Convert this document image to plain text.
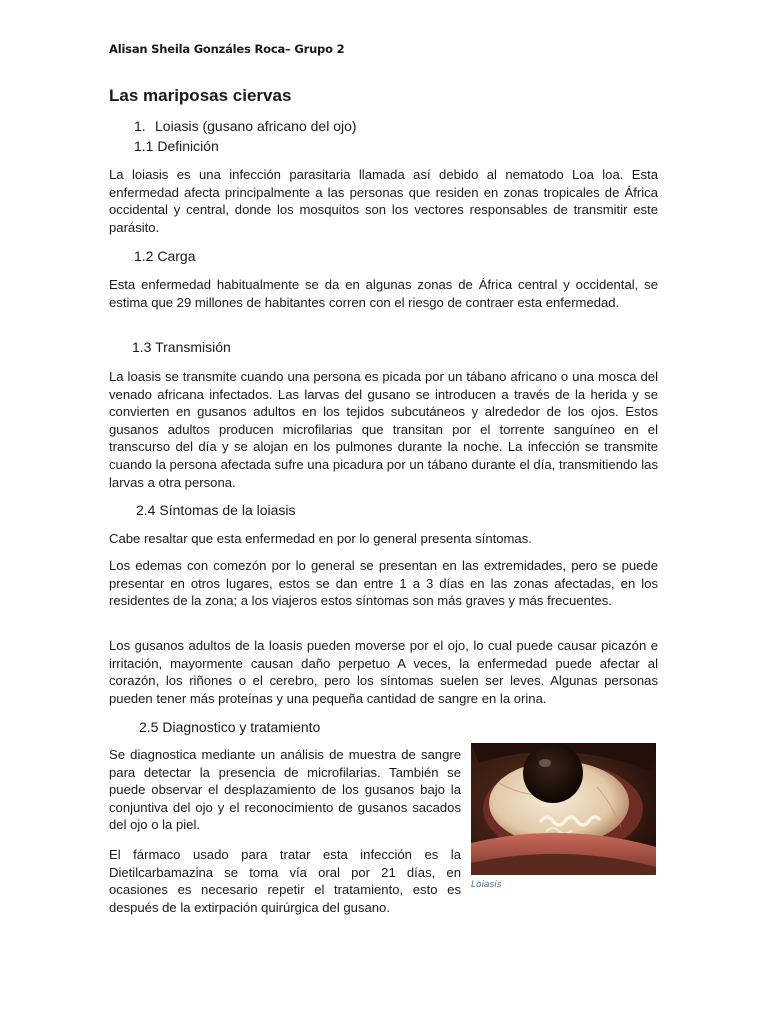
Alisan Sheila Gonzáles Roca– Grupo 2
Las mariposas ciervas
1. Loiasis (gusano africano del ojo)
1.1 Definición
La loiasis es una infección parasitaria llamada así debido al nematodo Loa loa. Esta enfermedad afecta principalmente a las personas que residen en zonas tropicales de África occidental y central, donde los mosquitos son los vectores responsables de transmitir este parásito.
1.2 Carga
Esta enfermedad habitualmente se da en algunas zonas de África central y occidental, se estima que 29 millones de habitantes corren con el riesgo de contraer esta enfermedad.
1.3 Transmisión
La loasis se transmite cuando una persona es picada por un tábano africano o una mosca del venado africana infectados. Las larvas del gusano se introducen a través de la herida y se convierten en gusanos adultos en los tejidos subcutáneos y alrededor de los ojos. Estos gusanos adultos producen microfilarias que transitan por el torrente sanguíneo en el transcurso del día y se alojan en los pulmones durante la noche. La infección se transmite cuando la persona afectada sufre una picadura por un tábano durante el día, transmitiendo las larvas a otra persona.
2.4 Síntomas de la loiasis
Cabe resaltar que esta enfermedad en por lo general presenta síntomas.
Los edemas con comezón por lo general se presentan en las extremidades, pero se puede presentar en otros lugares, estos se dan entre 1 a 3 días en las zonas afectadas, en los residentes de la zona; a los viajeros estos síntomas son más graves y más frecuentes.
Los gusanos adultos de la loasis pueden moverse por el ojo, lo cual puede causar picazón e irritación, mayormente causan daño perpetuo A veces, la enfermedad puede afectar al corazón, los riñones o el cerebro, pero los síntomas suelen ser leves. Algunas personas pueden tener más proteínas y una pequeña cantidad de sangre en la orina.
2.5 Diagnostico y tratamiento
Se diagnostica mediante un análisis de muestra de sangre para detectar la presencia de microfilarias. También se puede observar el desplazamiento de los gusanos bajo la conjuntiva del ojo y el reconocimiento de gusanos sacados del ojo o la piel.
El fármaco usado para tratar esta infección es la Dietilcarbamazina se toma vía oral por 21 días, en ocasiones es necesario repetir el tratamiento, esto es después de la extirpación quirúrgica del gusano.
Loiasis
